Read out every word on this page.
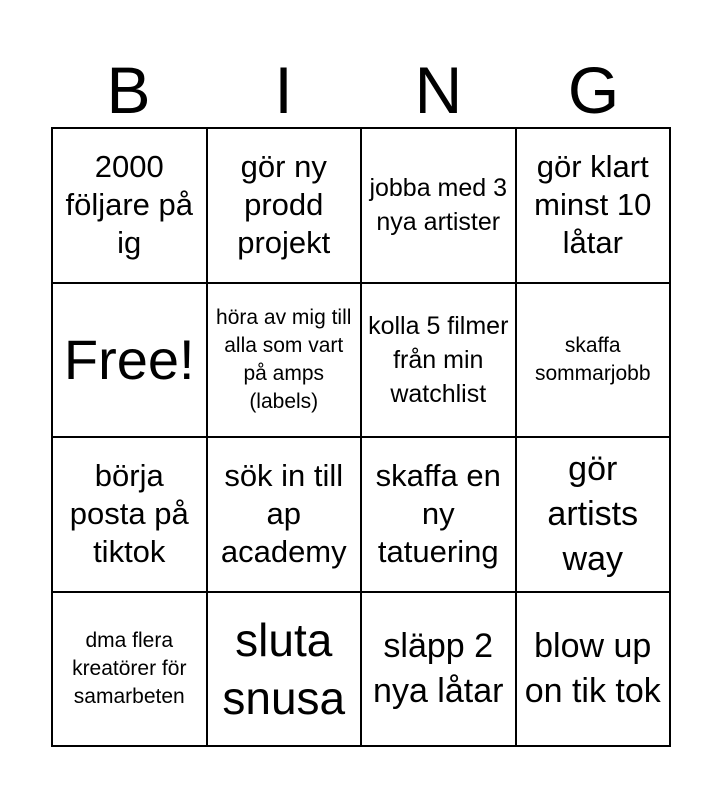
B	I	N	G
2000 följare på ig
gör ny prodd projekt
jobba med 3 nya artister
gör klart minst 10 låtar
Free!
höra av mig till alla som vart på amps (labels)
kolla 5 filmer från min watchlist
skaffa sommarjobb
börja posta på tiktok
sök in till ap academy
skaffa en ny tatuering
gör artists way
dma flera kreatörer för samarbeten
sluta snusa
släpp 2 nya låtar
blow up on tik tok
